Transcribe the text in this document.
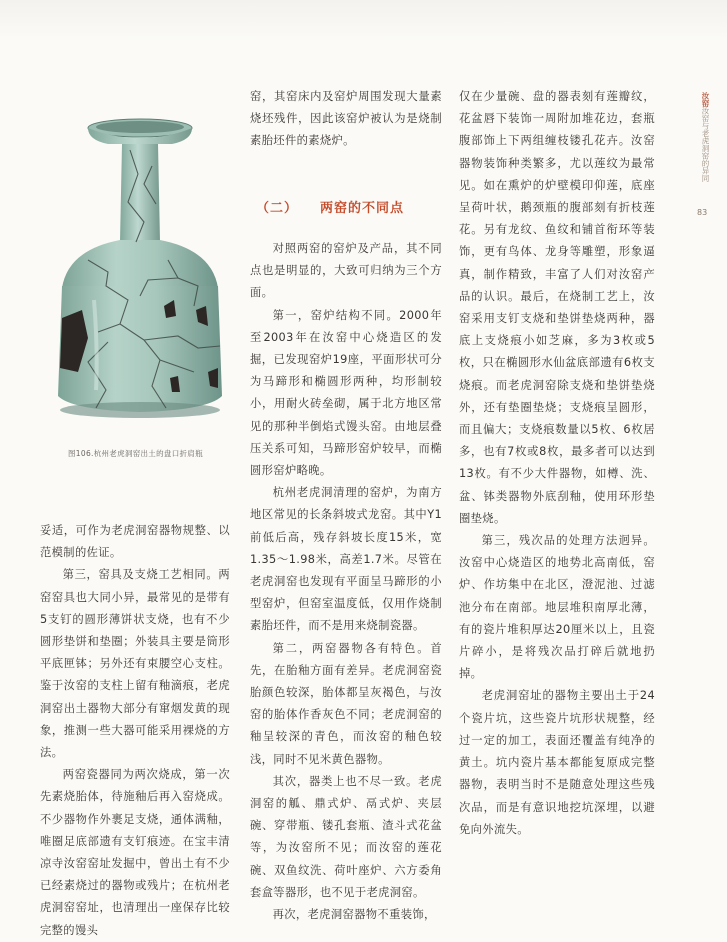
图106.杭州老虎洞窑出土的盘口折肩瓶

妥适，可作为老虎洞窑器物规整、以范模制的佐证。

第三，窑具及支烧工艺相同。两窑窑具也大同小异，最常见的是带有5支钉的圆形薄饼状支烧，也有不少圆形垫饼和垫圈；外装具主要是筒形平底匣钵；另外还有束腰空心支柱。鉴于汝窑的支柱上留有釉滴痕，老虎洞窑出土器物大部分有窜烟发黄的现象，推测一些大器可能采用裸烧的方法。

两窑瓷器同为两次烧成，第一次先素烧胎体，待施釉后再入窑烧成。不少器物作外裹足支烧，通体满釉，唯圈足底部遗有支钉痕迹。在宝丰清凉寺汝窑窑址发掘中，曾出土有不少已经素烧过的器物或残片；在杭州老虎洞窑窑址，也清理出一座保存比较完整的馒头

窑，其窑床内及窑炉周围发现大量素烧坯残件，因此该窑炉被认为是烧制素胎坯件的素烧炉。

（二） 两窑的不同点

对照两窑的窑炉及产品，其不同点也是明显的，大致可归纳为三个方面。

第一，窑炉结构不同。2000年至2003年在汝窑中心烧造区的发掘，已发现窑炉19座，平面形状可分为马蹄形和椭圆形两种，均形制较小，用耐火砖垒砌，属于北方地区常见的那种半倒焰式馒头窑。由地层叠压关系可知，马蹄形窑炉较早，而椭圆形窑炉略晚。

杭州老虎洞清理的窑炉，为南方地区常见的长条斜坡式龙窑。其中Y1前低后高，残存斜坡长度15米，宽1.35～1.98米，高差1.7米。尽管在老虎洞窑也发现有平面呈马蹄形的小型窑炉，但窑室温度低，仅用作烧制素胎坯件，而不是用来烧制瓷器。

第二，两窑器物各有特色。首先，在胎釉方面有差异。老虎洞窑瓷胎颜色较深，胎体都呈灰褐色，与汝窑的胎体作香灰色不同；老虎洞窑的釉呈较深的青色，而汝窑的釉色较浅，同时不见米黄色器物。

其次，器类上也不尽一致。老虎洞窑的觚、鼎式炉、鬲式炉、夹层碗、穿带瓶、镂孔套瓶、渣斗式花盆等，为汝窑所不见；而汝窑的莲花碗、双鱼纹洗、荷叶座炉、六方委角套盒等器形，也不见于老虎洞窑。

再次，老虎洞窑器物不重装饰，

仅在少量碗、盘的器表刻有莲瓣纹，花盆唇下装饰一周附加堆花边，套瓶腹部饰上下两组缠枝镂孔花卉。汝窑器物装饰种类繁多，尤以莲纹为最常见。如在熏炉的炉壁模印仰莲，底座呈荷叶状，鹅颈瓶的腹部刻有折枝莲花。另有龙纹、鱼纹和铺首衔环等装饰，更有鸟体、龙身等雕塑，形象逼真，制作精致，丰富了人们对汝窑产品的认识。最后，在烧制工艺上，汝窑采用支钉支烧和垫饼垫烧两种，器底上支烧痕小如芝麻，多为3枚或5枚，只在椭圆形水仙盆底部遗有6枚支烧痕。而老虎洞窑除支烧和垫饼垫烧外，还有垫圈垫烧；支烧痕呈圆形，而且偏大；支烧痕数量以5枚、6枚居多，也有7枚或8枚，最多者可以达到13枚。有不少大件器物，如樽、洗、盆、钵类器物外底刮釉，使用环形垫圈垫烧。

第三，残次品的处理方法迥异。汝窑中心烧造区的地势北高南低，窑炉、作坊集中在北区，澄泥池、过滤池分布在南部。地层堆积南厚北薄，有的瓷片堆积厚达20厘米以上，且瓷片碎小，是将残次品打碎后就地扔掉。

老虎洞窑址的器物主要出土于24个瓷片坑，这些瓷片坑形状规整，经过一定的加工，表面还覆盖有纯净的黄土。坑内瓷片基本都能复原成完整器物，表明当时不是随意处理这些残次品，而是有意识地挖坑深埋，以避免向外流失。

汝窑汝窑与老虎洞窑的异同
83
